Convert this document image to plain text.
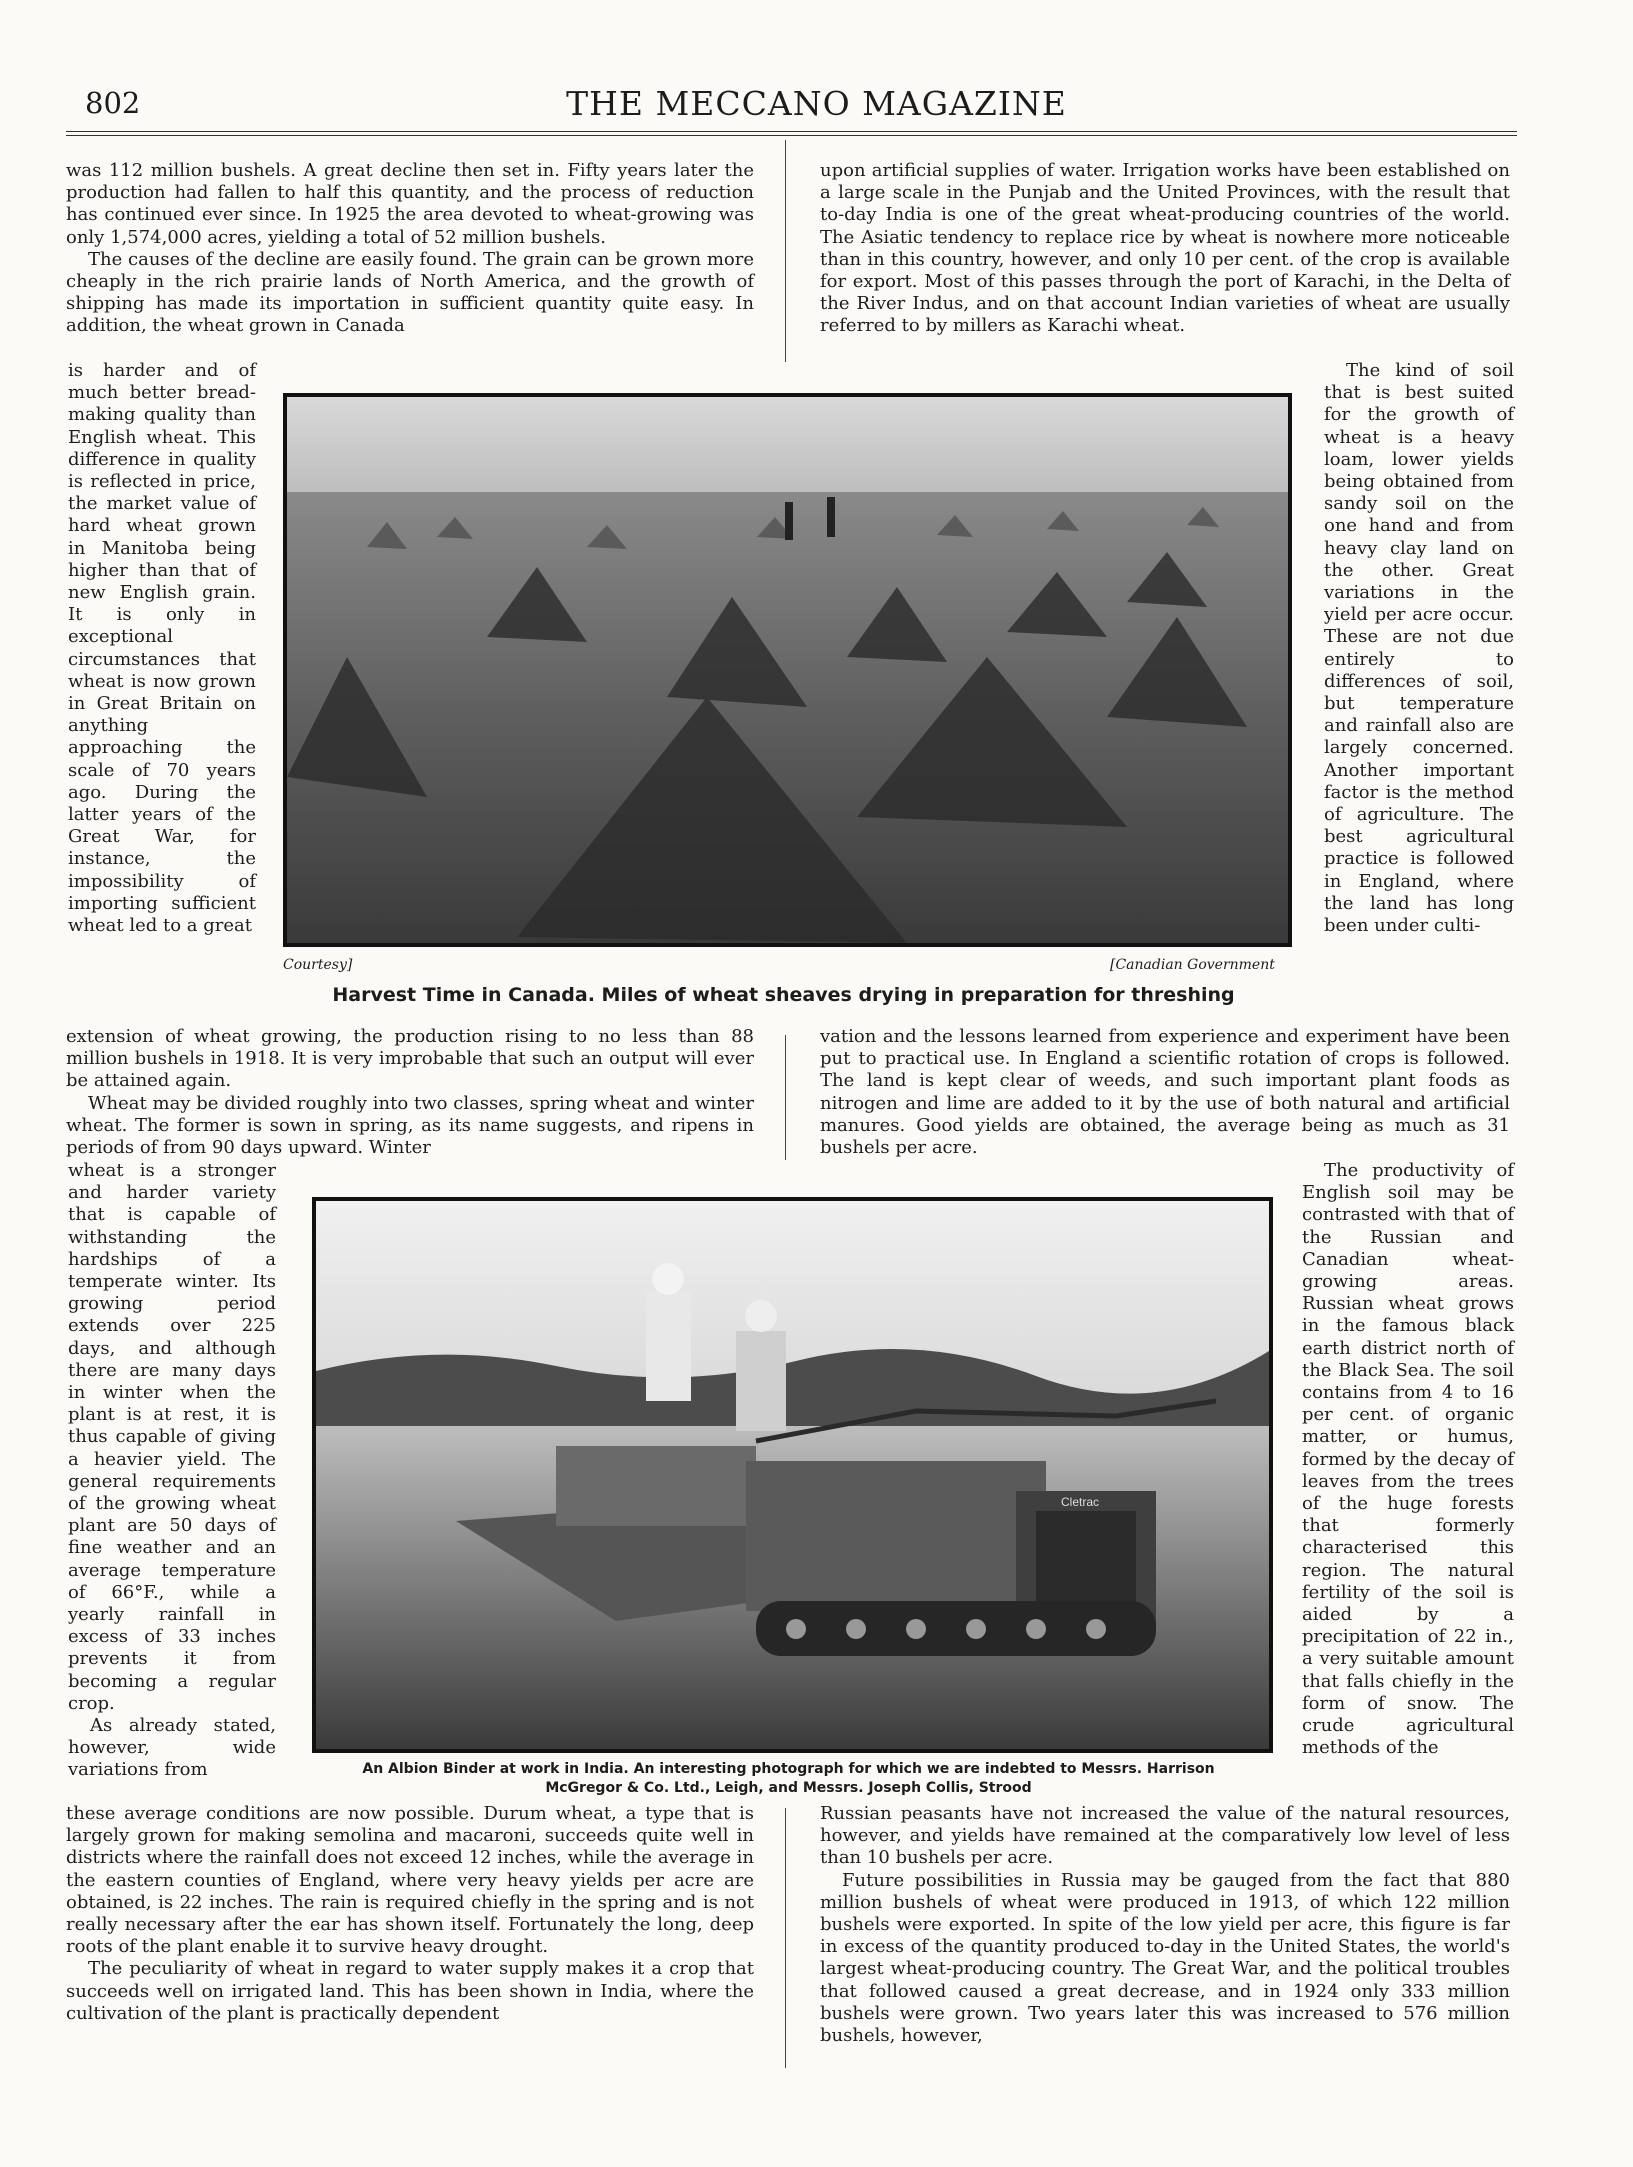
802	THE MECCANO MAGAZINE

was 112 million bushels. A great decline then set in. Fifty years later the production had fallen to half this quantity, and the process of reduction has continued ever since. In 1925 the area devoted to wheat-growing was only 1,574,000 acres, yielding a total of 52 million bushels.

The causes of the decline are easily found. The grain can be grown more cheaply in the rich prairie lands of North America, and the growth of shipping has made its importation in sufficient quantity quite easy. In addition, the wheat grown in Canada

upon artificial supplies of water. Irrigation works have been established on a large scale in the Punjab and the United Provinces, with the result that to-day India is one of the great wheat-producing countries of the world. The Asiatic tendency to replace rice by wheat is nowhere more noticeable than in this country, however, and only 10 per cent. of the crop is available for export. Most of this passes through the port of Karachi, in the Delta of the River Indus, and on that account Indian varieties of wheat are usually referred to by millers as Karachi wheat.

is harder and of much better bread-making quality than English wheat. This difference in quality is reflected in price, the market value of hard wheat grown in Manitoba being higher than that of new English grain. It is only in exceptional circumstances that wheat is now grown in Great Britain on anything approaching the scale of 70 years ago. During the latter years of the Great War, for instance, the impossibility of importing sufficient wheat led to a great

The kind of soil that is best suited for the growth of wheat is a heavy loam, lower yields being obtained from sandy soil on the one hand and from heavy clay land on the other. Great variations in the yield per acre occur. These are not due entirely to differences of soil, but temperature and rainfall also are largely concerned. Another important factor is the method of agriculture. The best agricultural practice is followed in England, where the land has long been under culti-

Courtesy]	[Canadian Government
Harvest Time in Canada. Miles of wheat sheaves drying in preparation for threshing

extension of wheat growing, the production rising to no less than 88 million bushels in 1918. It is very improbable that such an output will ever be attained again.

Wheat may be divided roughly into two classes, spring wheat and winter wheat. The former is sown in spring, as its name suggests, and ripens in periods of from 90 days upward. Winter

vation and the lessons learned from experience and experiment have been put to practical use. In England a scientific rotation of crops is followed. The land is kept clear of weeds, and such important plant foods as nitrogen and lime are added to it by the use of both natural and artificial manures. Good yields are obtained, the average being as much as 31 bushels per acre.

wheat is a stronger and harder variety that is capable of withstanding the hardships of a temperate winter. Its growing period extends over 225 days, and although there are many days in winter when the plant is at rest, it is thus capable of giving a heavier yield. The general requirements of the growing wheat plant are 50 days of fine weather and an average temperature of 66°F., while a yearly rainfall in excess of 33 inches prevents it from becoming a regular crop.

As already stated, however, wide variations from

The productivity of English soil may be contrasted with that of the Russian and Canadian wheat-growing areas. Russian wheat grows in the famous black earth district north of the Black Sea. The soil contains from 4 to 16 per cent. of organic matter, or humus, formed by the decay of leaves from the trees of the huge forests that formerly characterised this region. The natural fertility of the soil is aided by a precipitation of 22 in., a very suitable amount that falls chiefly in the form of snow. The crude agricultural methods of the

Cletrac
An Albion Binder at work in India. An interesting photograph for which we are indebted to Messrs. Harrison
McGregor & Co. Ltd., Leigh, and Messrs. Joseph Collis, Strood

these average conditions are now possible. Durum wheat, a type that is largely grown for making semolina and macaroni, succeeds quite well in districts where the rainfall does not exceed 12 inches, while the average in the eastern counties of England, where very heavy yields per acre are obtained, is 22 inches. The rain is required chiefly in the spring and is not really necessary after the ear has shown itself. Fortunately the long, deep roots of the plant enable it to survive heavy drought.

The peculiarity of wheat in regard to water supply makes it a crop that succeeds well on irrigated land. This has been shown in India, where the cultivation of the plant is practically dependent

Russian peasants have not increased the value of the natural resources, however, and yields have remained at the comparatively low level of less than 10 bushels per acre.

Future possibilities in Russia may be gauged from the fact that 880 million bushels of wheat were produced in 1913, of which 122 million bushels were exported. In spite of the low yield per acre, this figure is far in excess of the quantity produced to-day in the United States, the world's largest wheat-producing country. The Great War, and the political troubles that followed caused a great decrease, and in 1924 only 333 million bushels were grown. Two years later this was increased to 576 million bushels, however,
